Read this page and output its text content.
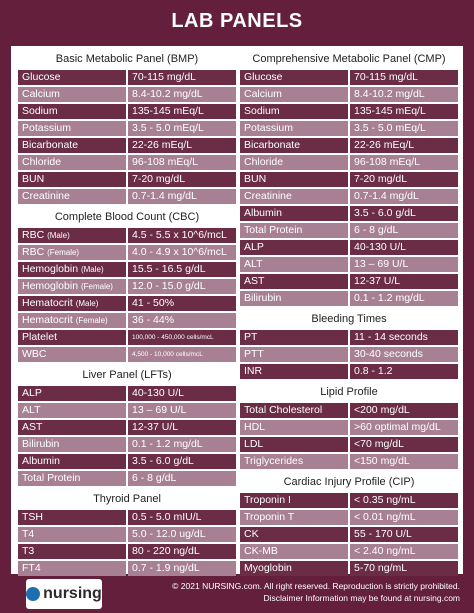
LAB PANELS
Basic Metabolic Panel (BMP)
Glucose	70-115 mg/dL
Calcium	8.4-10.2 mg/dL
Sodium	135-145 mEq/L
Potassium	3.5 - 5.0 mEq/L
Bicarbonate	22-26 mEq/L
Chloride	96-108 mEq/L
BUN	7-20 mg/dL
Creatinine	0.7-1.4 mg/dL
Complete Blood Count (CBC)
RBC (Male)	4.5 - 5.5 x 10^6/mcL
RBC (Female)	4.0 - 4.9 x 10^6/mcL
Hemoglobin (Male)	15.5 - 16.5 g/dL
Hemoglobin (Female)	12.0 - 15.0 g/dL
Hematocrit (Male)	41 - 50%
Hematocrit (Female)	36 - 44%
Platelet	100,000 - 450,000 cells/mcL
WBC	4,500 - 10,000 cells/mcL
Liver Panel (LFTs)
ALP	40-130 U/L
ALT	13 – 69 U/L
AST	12-37 U/L
Bilirubin	0.1 - 1.2 mg/dL
Albumin	3.5 - 6.0 g/dL
Total Protein	6 - 8 g/dL
Thyroid Panel
TSH	0.5 - 5.0 mIU/L
T4	5.0 - 12.0 ug/dL
T3	80 - 220 ng/dL
FT4	0.7 - 1.9 ng/dL
Comprehensive Metabolic Panel (CMP)
Glucose	70-115 mg/dL
Calcium	8.4-10.2 mg/dL
Sodium	135-145 mEq/L
Potassium	3.5 - 5.0 mEq/L
Bicarbonate	22-26 mEq/L
Chloride	96-108 mEq/L
BUN	7-20 mg/dL
Creatinine	0.7-1.4 mg/dL
Albumin	3.5 - 6.0 g/dL
Total Protein	6 - 8 g/dL
ALP	40-130 U/L
ALT	13 – 69 U/L
AST	12-37 U/L
Bilirubin	0.1 - 1.2 mg/dL
Bleeding Times
PT	11 - 14 seconds
PTT	30-40 seconds
INR	0.8 - 1.2
Lipid Profile
Total Cholesterol	<200 mg/dL
HDL	>60 optimal mg/dL
LDL	<70 mg/dL
Triglycerides	<150 mg/dL
Cardiac Injury Profile (CIP)
Troponin I	< 0.35 ng/mL
Troponin T	< 0.01 ng/mL
CK	55 - 170 U/L
CK-MB	< 2.40 ng/mL
Myoglobin	5-70 ng/mL
nursing	© 2021 NURSING.com. All right reserved. Reproduction is strictly prohibited.
Disclaimer Information may be found at nursing.com
